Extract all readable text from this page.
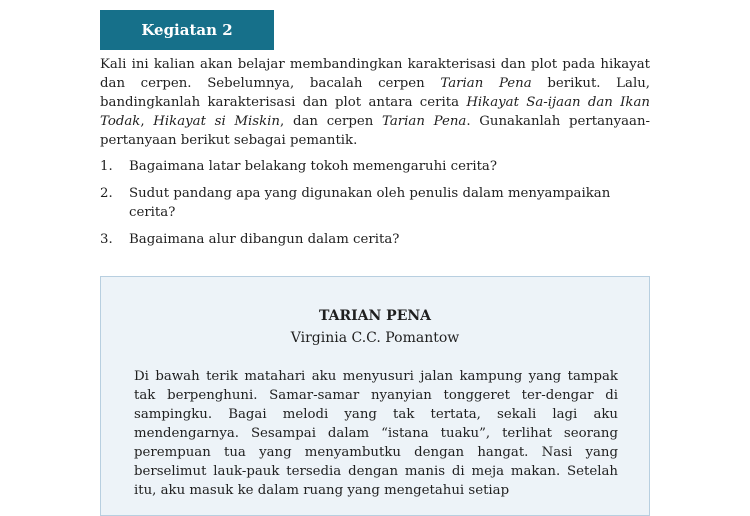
Kegiatan 2

Kali ini kalian akan belajar membandingkan karakterisasi dan plot pada hikayat dan cerpen. Sebelumnya, bacalah cerpen Tarian Pena berikut. Lalu, bandingkanlah karakterisasi dan plot antara cerita Hikayat Sa-ijaan dan Ikan Todak, Hikayat si Miskin, dan cerpen Tarian Pena. Gunakanlah pertanyaan-pertanyaan berikut sebagai pemantik.

1.	Bagaimana latar belakang tokoh memengaruhi cerita?
2.	Sudut pandang apa yang digunakan oleh penulis dalam menyampaikan cerita?
3.	Bagaimana alur dibangun dalam cerita?
TARIAN PENA
Virginia C.C. Pomantow

Di bawah terik matahari aku menyusuri jalan kampung yang tampak tak berpenghuni. Samar-samar nyanyian tonggeret ter-dengar di sampingku. Bagai melodi yang tak tertata, sekali lagi aku mendengarnya. Sesampai dalam “istana tuaku”, terlihat seorang perempuan tua yang menyambutku dengan hangat. Nasi yang berselimut lauk-pauk tersedia dengan manis di meja makan. Setelah itu, aku masuk ke dalam ruang yang mengetahui setiap
